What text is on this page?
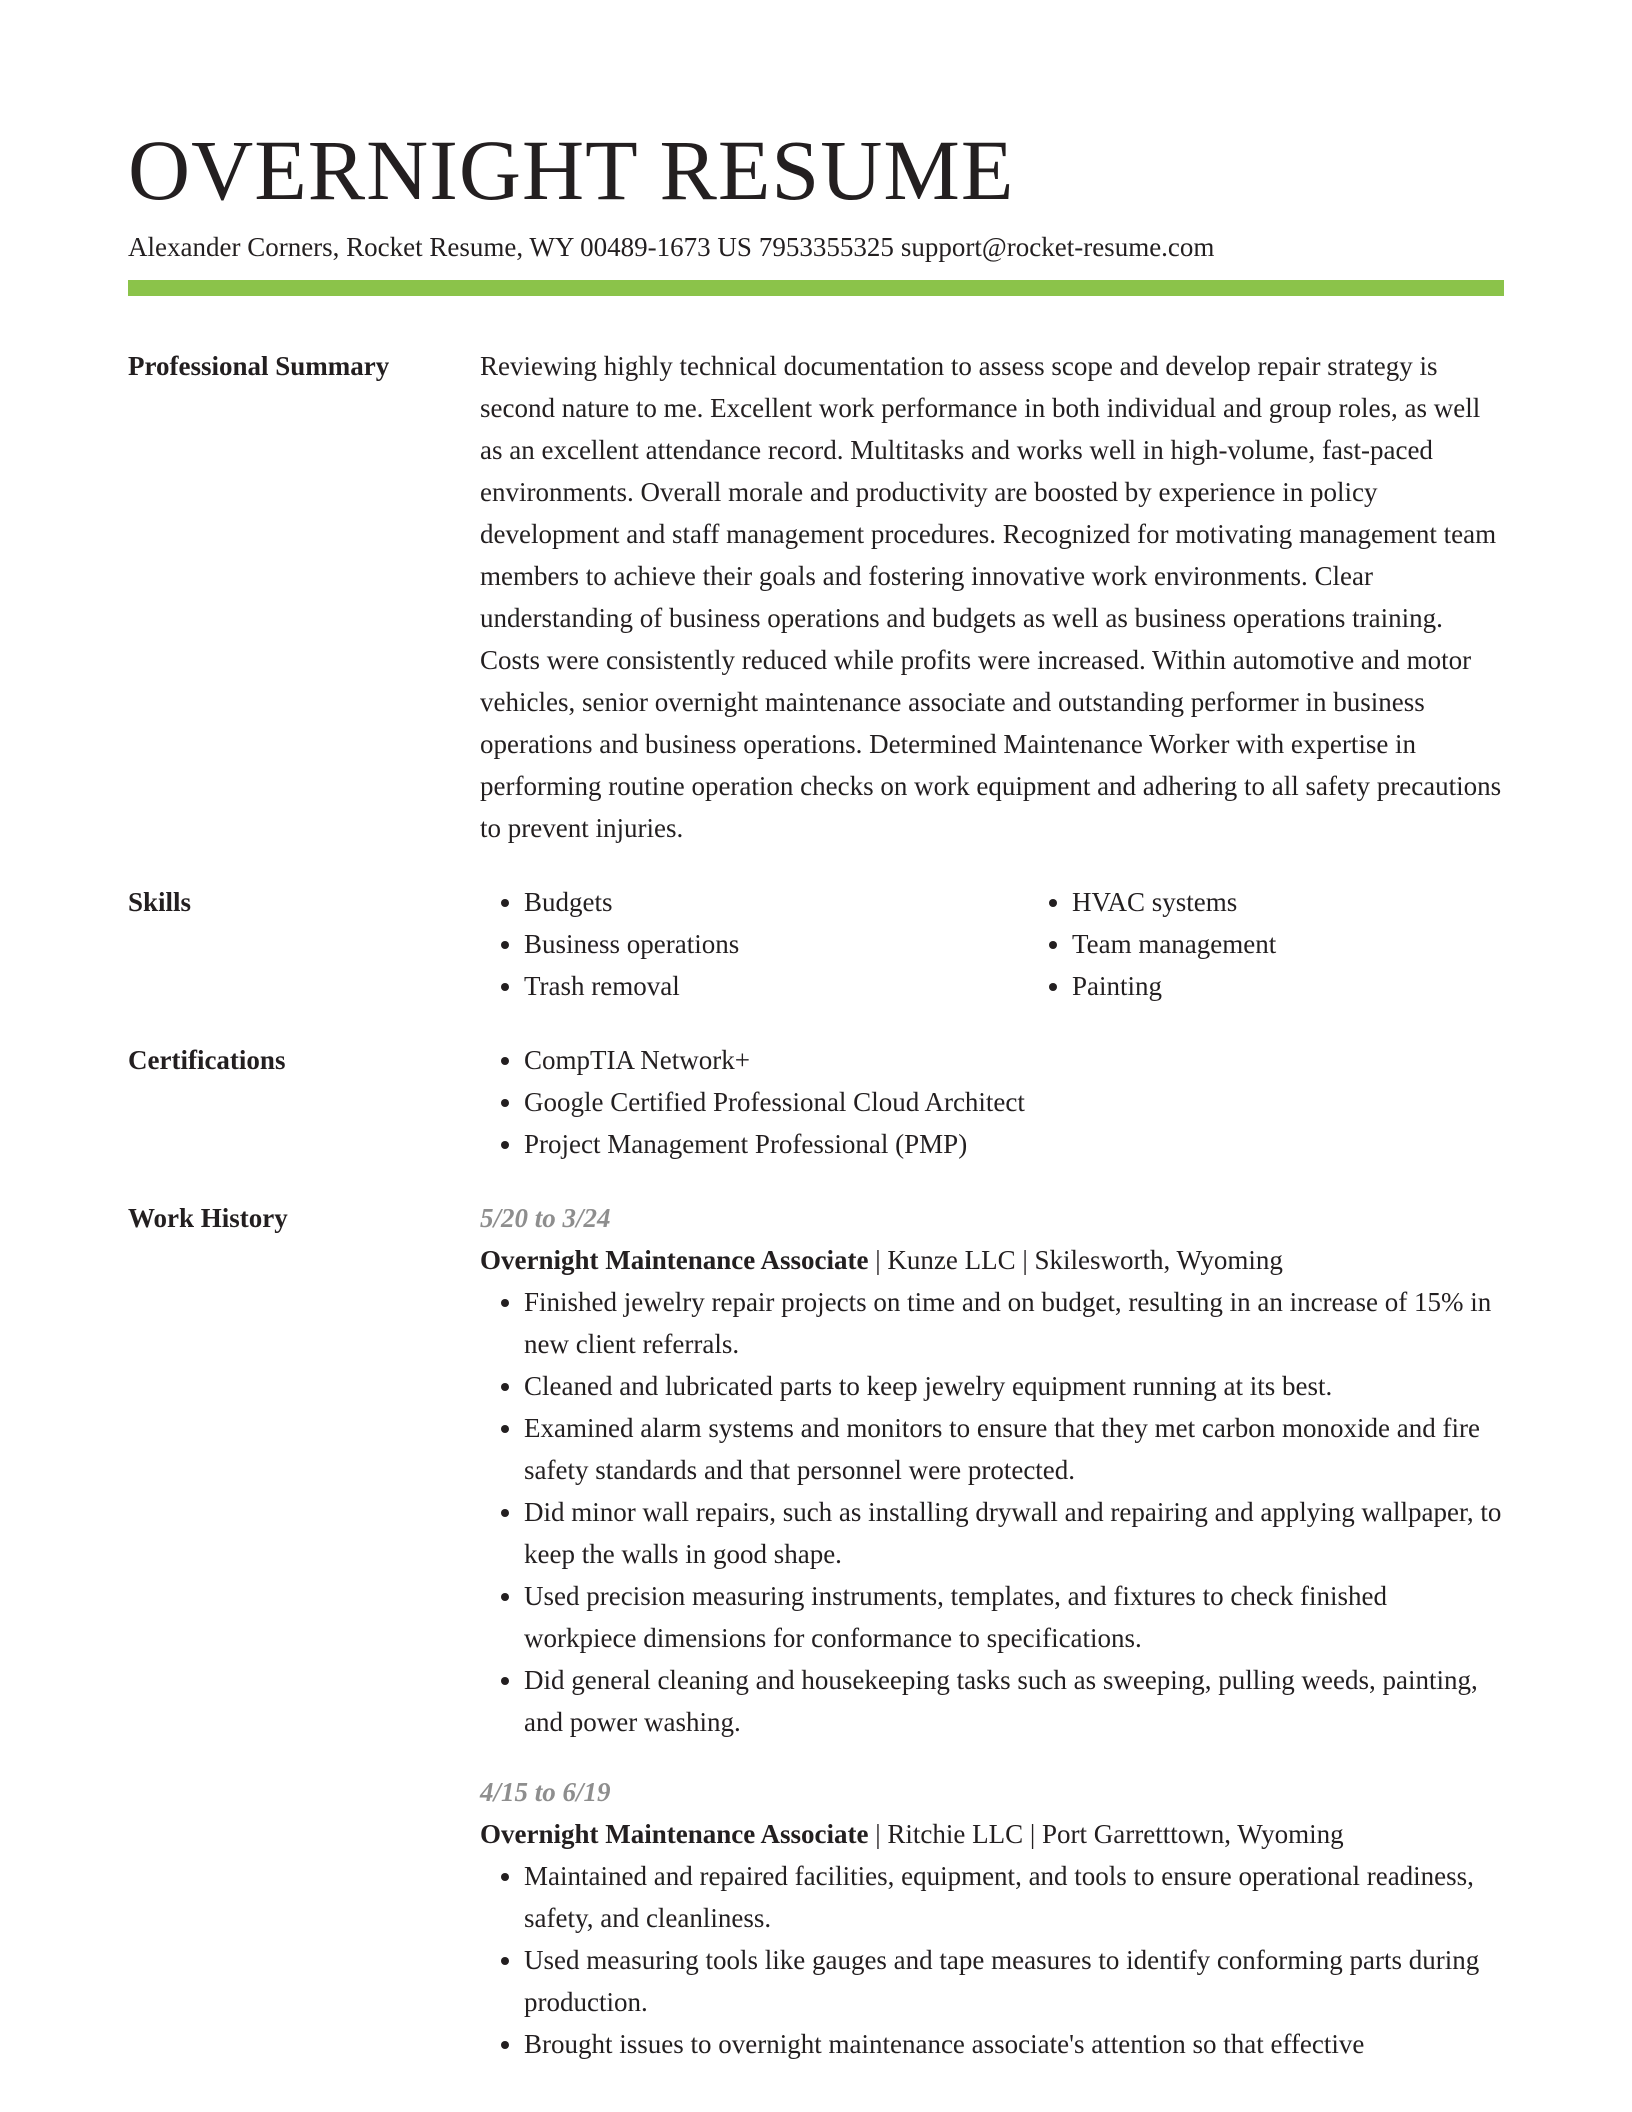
OVERNIGHT RESUME
Alexander Corners, Rocket Resume, WY 00489-1673 US 7953355325 support@rocket-resume.com
Professional Summary	Reviewing highly technical documentation to assess scope and develop repair strategy is second nature to me. Excellent work performance in both individual and group roles, as well as an excellent attendance record. Multitasks and works well in high-volume, fast-paced environments. Overall morale and productivity are boosted by experience in policy development and staff management procedures. Recognized for motivating management team members to achieve their goals and fostering innovative work environments. Clear understanding of business operations and budgets as well as business operations training. Costs were consistently reduced while profits were increased. Within automotive and motor vehicles, senior overnight maintenance associate and outstanding performer in business operations and business operations. Determined Maintenance Worker with expertise in performing routine operation checks on work equipment and adhering to all safety precautions to prevent injuries.
Skills	• Budgets
• Business operations
• Trash removal
• HVAC systems
• Team management
• Painting
Certifications	• CompTIA Network+
• Google Certified Professional Cloud Architect
• Project Management Professional (PMP)
Work History	5/20 to 3/24
Overnight Maintenance Associate | Kunze LLC | Skilesworth, Wyoming
• Finished jewelry repair projects on time and on budget, resulting in an increase of 15% in new client referrals.
• Cleaned and lubricated parts to keep jewelry equipment running at its best.
• Examined alarm systems and monitors to ensure that they met carbon monoxide and fire safety standards and that personnel were protected.
• Did minor wall repairs, such as installing drywall and repairing and applying wallpaper, to keep the walls in good shape.
• Used precision measuring instruments, templates, and fixtures to check finished workpiece dimensions for conformance to specifications.
• Did general cleaning and housekeeping tasks such as sweeping, pulling weeds, painting, and power washing.
4/15 to 6/19
Overnight Maintenance Associate | Ritchie LLC | Port Garretttown, Wyoming
• Maintained and repaired facilities, equipment, and tools to ensure operational readiness, safety, and cleanliness.
• Used measuring tools like gauges and tape measures to identify conforming parts during production.
• Brought issues to overnight maintenance associate's attention so that effective
